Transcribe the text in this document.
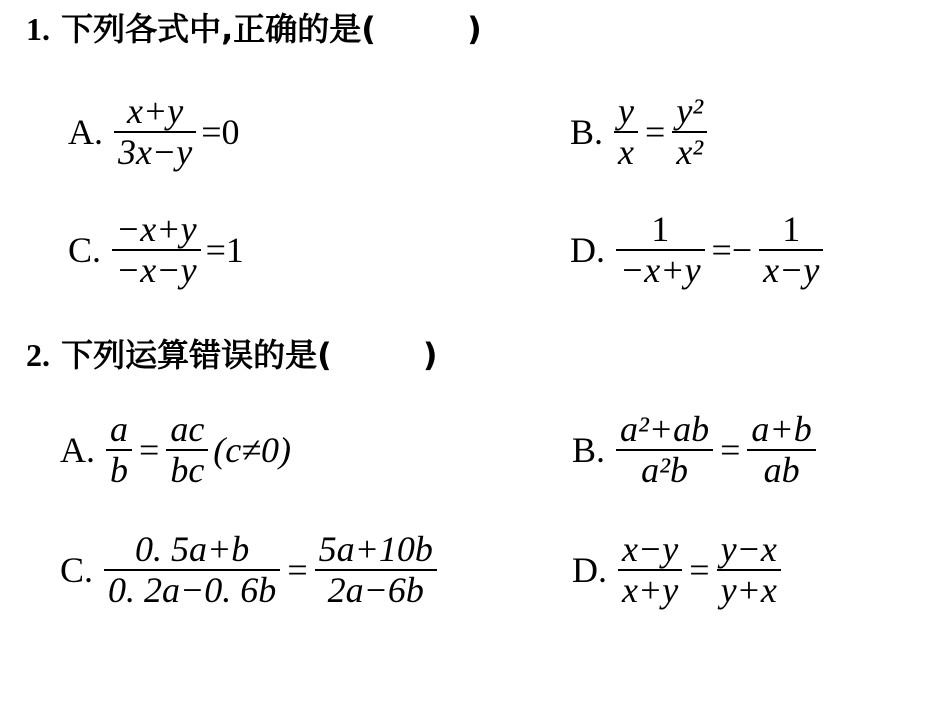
1. 下列各式中,正确的是(	)
A. $\frac{x+y}{3x-y} =0$	B. $\frac{y}{x} = \frac{\text{y²}}{\text{x²}}$
C. $\frac{-x+y}{-x-y} =1$	D. $\frac{1}{-x+y} =- \frac{1}{x-y}$
2. 下列运算错误的是(	)
A. $\frac{a}{b} = \frac{ac}{bc} (c\ne 0)$	B. $\frac{\text{a²+ab}}{\text{a²b}} = \frac{a+b}{ab}$
C. $\frac{0. 5a+b}{0. 2a-0. 6b} = \frac{5a+10b}{2a-6b}$	D. $\frac{x-y}{x+y} = \frac{y-x}{y+x}$
